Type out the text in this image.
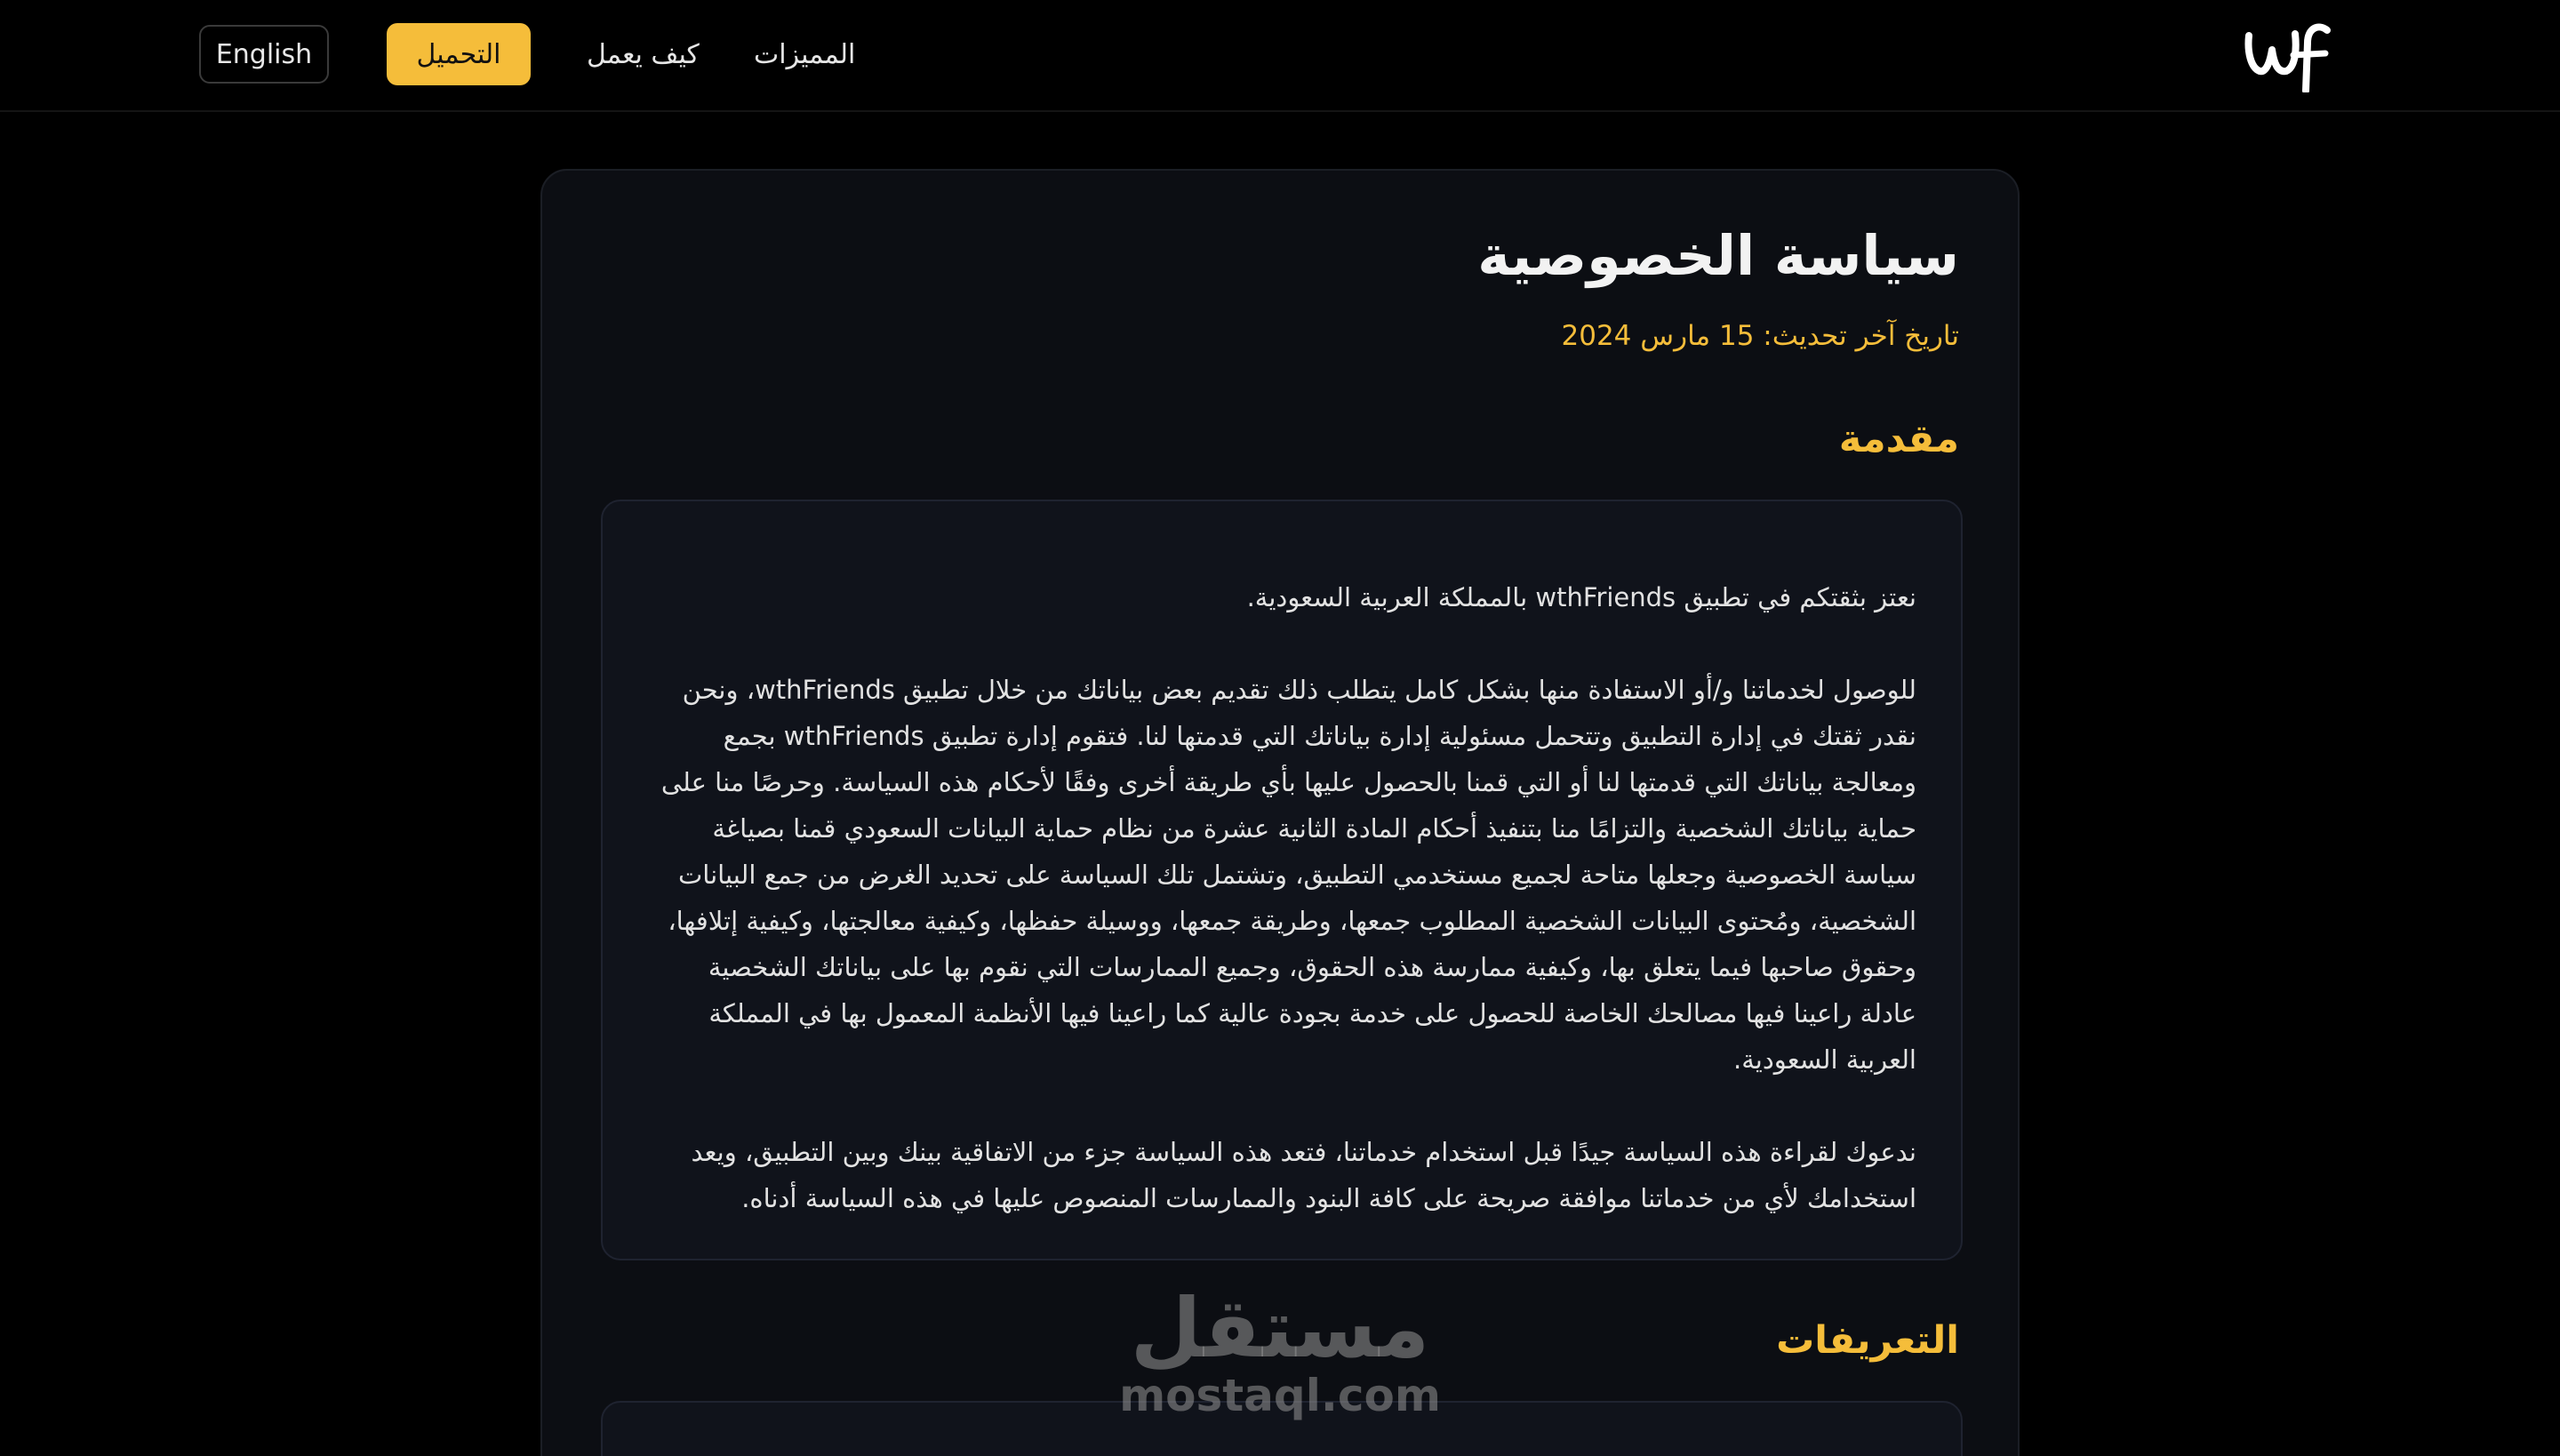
English	التحميل	كيف يعمل المميزات
سياسة الخصوصية
تاريخ آخر تحديث: 15 مارس 2024
مقدمة

نعتز بثقتكم في تطبيق wthFriends بالمملكة العربية السعودية.

للوصول لخدماتنا و/أو الاستفادة منها بشكل كامل يتطلب ذلك تقديم بعض بياناتك من خلال تطبيق wthFriends، ونحن نقدر ثقتك في إدارة التطبيق وتتحمل مسئولية إدارة بياناتك التي قدمتها لنا. فتقوم إدارة تطبيق wthFriends بجمع ومعالجة بياناتك التي قدمتها لنا أو التي قمنا بالحصول عليها بأي طريقة أخرى وفقًا لأحكام هذه السياسة. وحرصًا منا على حماية بياناتك الشخصية والتزامًا منا بتنفيذ أحكام المادة الثانية عشرة من نظام حماية البيانات السعودي قمنا بصياغة سياسة الخصوصية وجعلها متاحة لجميع مستخدمي التطبيق، وتشتمل تلك السياسة على تحديد الغرض من جمع البيانات الشخصية، ومُحتوى البيانات الشخصية المطلوب جمعها، وطريقة جمعها، ووسيلة حفظها، وكيفية معالجتها، وكيفية إتلافها، وحقوق صاحبها فيما يتعلق بها، وكيفية ممارسة هذه الحقوق، وجميع الممارسات التي نقوم بها على بياناتك الشخصية عادلة راعينا فيها مصالحك الخاصة للحصول على خدمة بجودة عالية كما راعينا فيها الأنظمة المعمول بها في المملكة العربية السعودية.

ندعوك لقراءة هذه السياسة جيدًا قبل استخدام خدماتنا، فتعد هذه السياسة جزء من الاتفاقية بينك وبين التطبيق، ويعد استخدامك لأي من خدماتنا موافقة صريحة على كافة البنود والممارسات المنصوص عليها في هذه السياسة أدناه.

التعريفات
مستقل
mostaql.com
